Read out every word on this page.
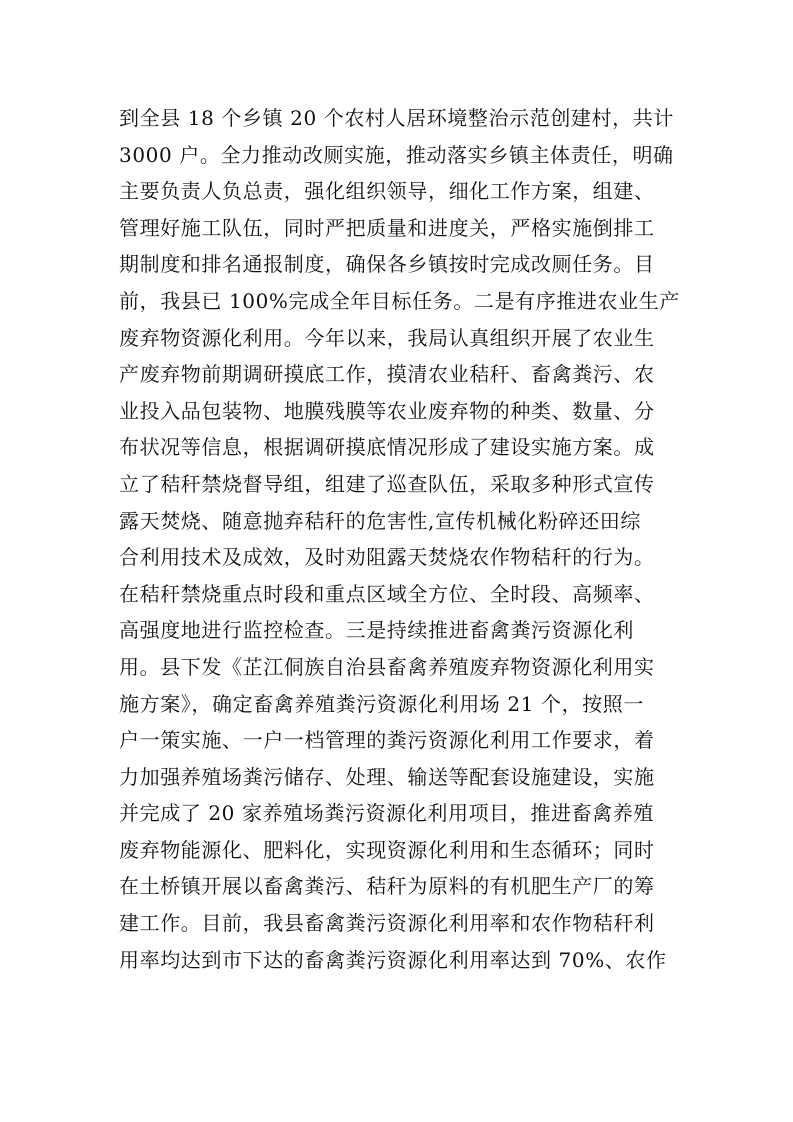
到全县 18 个乡镇 20 个农村人居环境整治示范创建村，共计
3000 户。全力推动改厕实施，推动落实乡镇主体责任，明确
主要负责人负总责，强化组织领导，细化工作方案，组建、
管理好施工队伍，同时严把质量和进度关，严格实施倒排工
期制度和排名通报制度，确保各乡镇按时完成改厕任务。目
前，我县已 100%完成全年目标任务。二是有序推进农业生产
废弃物资源化利用。今年以来，我局认真组织开展了农业生
产废弃物前期调研摸底工作，摸清农业秸秆、畜禽粪污、农
业投入品包装物、地膜残膜等农业废弃物的种类、数量、分
布状况等信息，根据调研摸底情况形成了建设实施方案。成
立了秸秆禁烧督导组，组建了巡查队伍，采取多种形式宣传
露天焚烧、随意抛弃秸秆的危害性,宣传机械化粉碎还田综
合利用技术及成效，及时劝阻露天焚烧农作物秸秆的行为。
在秸秆禁烧重点时段和重点区域全方位、全时段、高频率、
高强度地进行监控检查。三是持续推进畜禽粪污资源化利
用。县下发《芷江侗族自治县畜禽养殖废弃物资源化利用实
施方案》，确定畜禽养殖粪污资源化利用场 21 个，按照一
户一策实施、一户一档管理的粪污资源化利用工作要求，着
力加强养殖场粪污储存、处理、输送等配套设施建设，实施
并完成了 20 家养殖场粪污资源化利用项目，推进畜禽养殖
废弃物能源化、肥料化，实现资源化利用和生态循环；同时
在土桥镇开展以畜禽粪污、秸秆为原料的有机肥生产厂的筹
建工作。目前，我县畜禽粪污资源化利用率和农作物秸秆利
用率均达到市下达的畜禽粪污资源化利用率达到 70%、农作
